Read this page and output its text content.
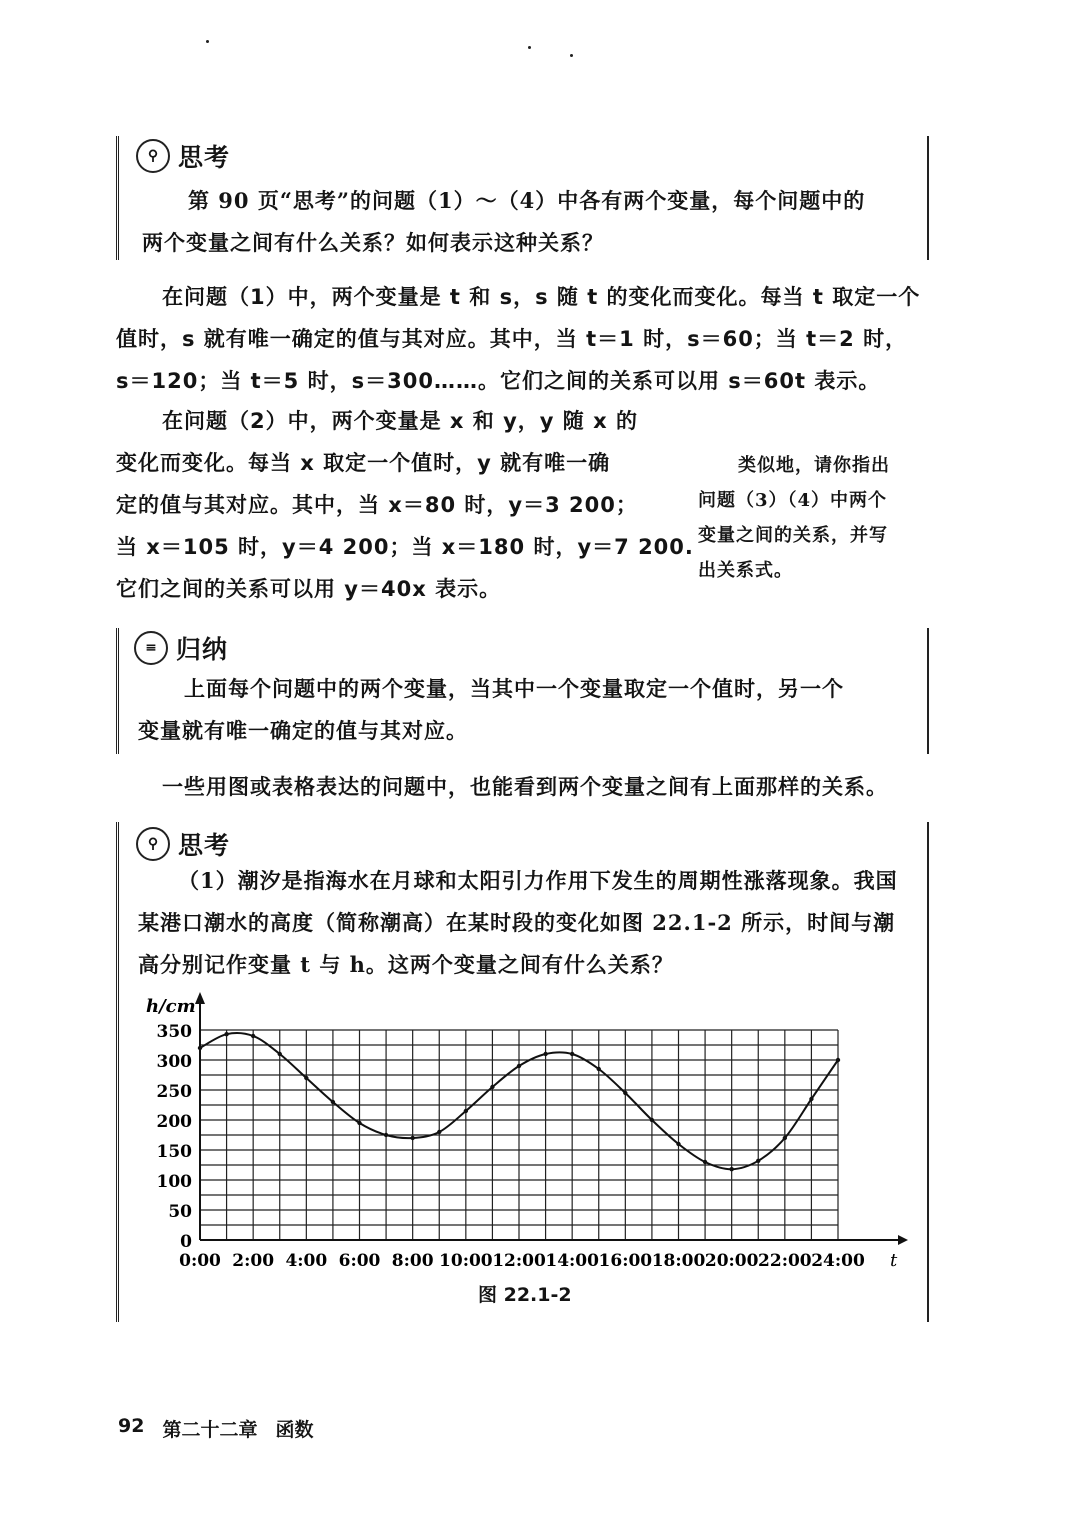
⚲ 思考
第 90 页“思考”的问题（1）～（4）中各有两个变量，每个问题中的
两个变量之间有什么关系？如何表示这种关系？
在问题（1）中，两个变量是 t 和 s，s 随 t 的变化而变化。每当 t 取定一个
值时，s 就有唯一确定的值与其对应。其中，当 t＝1 时，s＝60；当 t＝2 时，
s＝120；当 t＝5 时，s＝300……。它们之间的关系可以用 s＝60t 表示。
在问题（2）中，两个变量是 x 和 y，y 随 x 的
变化而变化。每当 x 取定一个值时，y 就有唯一确
定的值与其对应。其中，当 x＝80 时，y＝3 200；
当 x＝105 时，y＝4 200；当 x＝180 时，y＝7 200.
它们之间的关系可以用 y＝40x 表示。
类似地，请你指出
问题（3）（4）中两个
变量之间的关系，并写
出关系式。
≡ 归纳
上面每个问题中的两个变量，当其中一个变量取定一个值时，另一个
变量就有唯一确定的值与其对应。
一些用图或表格表达的问题中，也能看到两个变量之间有上面那样的关系。
⚲ 思考
（1）潮汐是指海水在月球和太阳引力作用下发生的周期性涨落现象。我国
某港口潮水的高度（简称潮高）在某时段的变化如图 22.1-2 所示，时间与潮
高分别记作变量 t 与 h。这两个变量之间有什么关系？
0
50
100
150
200
250
300
350
0:00 2:00 4:00 6:00 8:00 10:00 12:00 14:00 16:00 18:00 20:00 22:00 24:00
h/cm
t
图 22.1-2
92 第二十二章 函数
